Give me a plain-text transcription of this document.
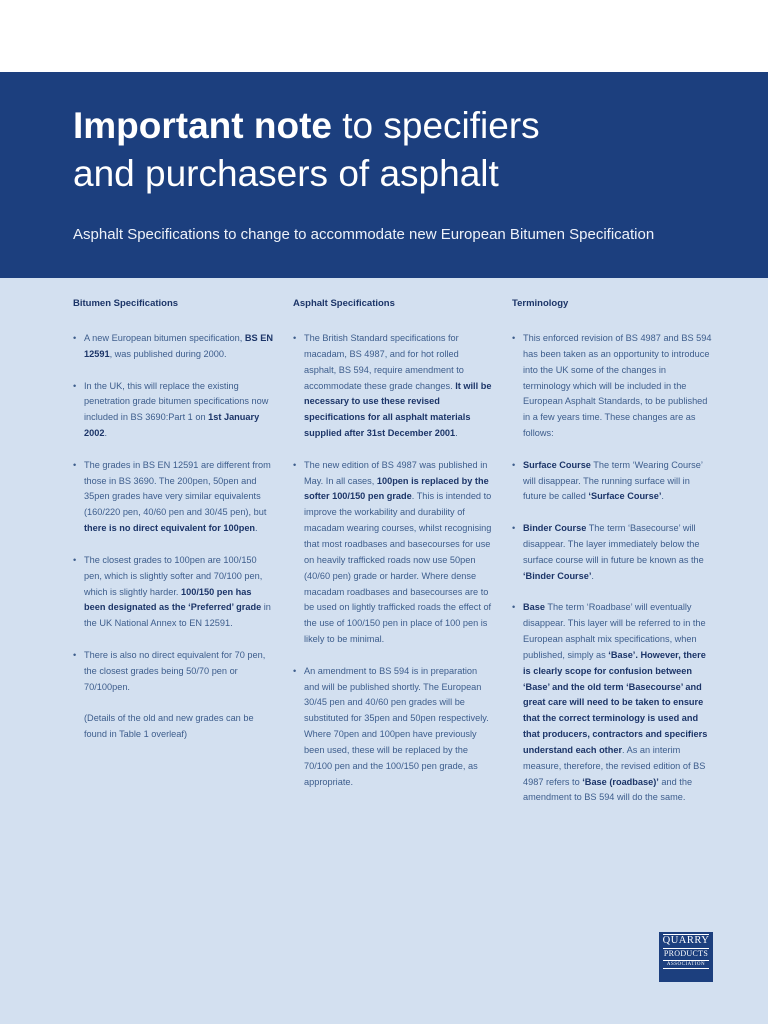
Important note to specifiers
and purchasers of asphalt

Asphalt Specifications to change to accommodate new European Bitumen Specification

Bitumen Specifications
• A new European bitumen specification, BS EN 12591, was published during 2000.
• In the UK, this will replace the existing penetration grade bitumen specifications now included in BS 3690:Part 1 on 1st January 2002.
• The grades in BS EN 12591 are different from those in BS 3690. The 200pen, 50pen and 35pen grades have very similar equivalents (160/220 pen, 40/60 pen and 30/45 pen), but there is no direct equivalent for 100pen.
• The closest grades to 100pen are 100/150 pen, which is slightly softer and 70/100 pen, which is slightly harder. 100/150 pen has been designated as the ‘Preferred’ grade in the UK National Annex to EN 12591.
• There is also no direct equivalent for 70 pen, the closest grades being 50/70 pen or 70/100pen.

(Details of the old and new grades can be found in Table 1 overleaf)

Asphalt Specifications
• The British Standard specifications for macadam, BS 4987, and for hot rolled asphalt, BS 594, require amendment to accommodate these grade changes. It will be necessary to use these revised specifications for all asphalt materials supplied after 31st December 2001.
• The new edition of BS 4987 was published in May. In all cases, 100pen is replaced by the softer 100/150 pen grade. This is intended to improve the workability and durability of macadam wearing courses, whilst recognising that most roadbases and basecourses for use on heavily trafficked roads now use 50pen (40/60 pen) grade or harder. Where dense macadam roadbases and basecourses are to be used on lightly trafficked roads the effect of the use of 100/150 pen in place of 100 pen is likely to be minimal.
• An amendment to BS 594 is in preparation and will be published shortly. The European 30/45 pen and 40/60 pen grades will be substituted for 35pen and 50pen respectively. Where 70pen and 100pen have previously been used, these will be replaced by the 70/100 pen and the 100/150 pen grade, as appropriate.
Terminology
• This enforced revision of BS 4987 and BS 594 has been taken as an opportunity to introduce into the UK some of the changes in terminology which will be included in the European Asphalt Standards, to be published in a few years time. These changes are as follows:
• Surface Course The term ‘Wearing Course’ will disappear. The running surface will in future be called ‘Surface Course’.
• Binder Course The term ‘Basecourse’ will disappear. The layer immediately below the surface course will in future be known as the ‘Binder Course’.
• Base The term ‘Roadbase’ will eventually disappear. This layer will be referred to in the European asphalt mix specifications, when published, simply as ‘Base’. However, there is clearly scope for confusion between ‘Base’ and the old term ‘Basecourse’ and great care will need to be taken to ensure that the correct terminology is used and that producers, contractors and specifiers understand each other. As an interim measure, therefore, the revised edition of BS 4987 refers to ‘Base (roadbase)’ and the amendment to BS 594 will do the same.
QUARRY
PRODUCTS
ASSOCIATION
